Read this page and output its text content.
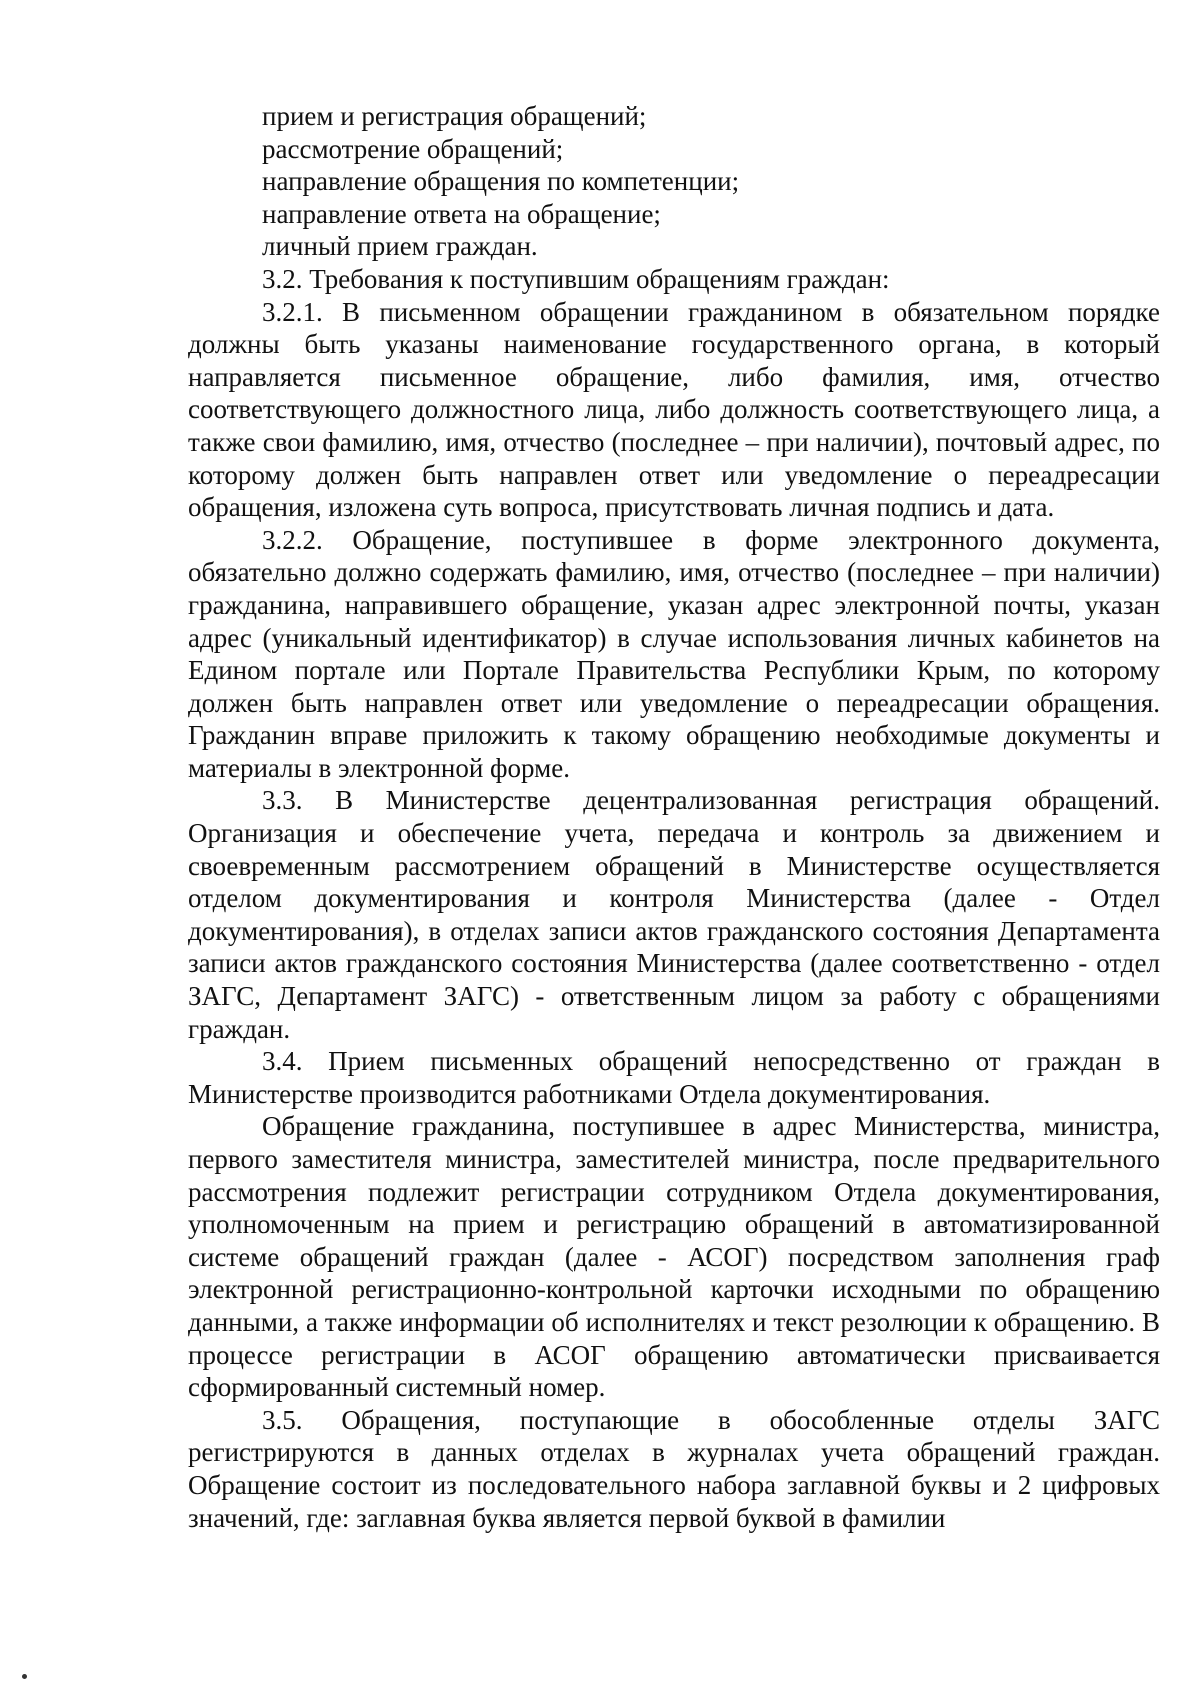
прием и регистрация обращений;

рассмотрение обращений;

направление обращения по компетенции;

направление ответа на обращение;

личный прием граждан.

3.2. Требования к поступившим обращениям граждан:

3.2.1. В письменном обращении гражданином в обязательном порядке должны быть указаны наименование государственного органа, в который направляется письменное обращение, либо фамилия, имя, отчество соответствующего должностного лица, либо должность соответствующего лица, а также свои фамилию, имя, отчество (последнее – при наличии), почтовый адрес, по которому должен быть направлен ответ или уведомление о переадресации обращения, изложена суть вопроса, присутствовать личная подпись и дата.

3.2.2. Обращение, поступившее в форме электронного документа, обязательно должно содержать фамилию, имя, отчество (последнее – при наличии) гражданина, направившего обращение, указан адрес электронной почты, указан адрес (уникальный идентификатор) в случае использования личных кабинетов на Едином портале или Портале Правительства Республики Крым, по которому должен быть направлен ответ или уведомление о переадресации обращения. Гражданин вправе приложить к такому обращению необходимые документы и материалы в электронной форме.

3.3. В Министерстве децентрализованная регистрация обращений. Организация и обеспечение учета, передача и контроль за движением и своевременным рассмотрением обращений в Министерстве осуществляется отделом документирования и контроля Министерства (далее - Отдел документирования), в отделах записи актов гражданского состояния Департамента записи актов гражданского состояния Министерства (далее соответственно - отдел ЗАГС, Департамент ЗАГС) - ответственным лицом за работу с обращениями граждан.

3.4. Прием письменных обращений непосредственно от граждан в Министерстве производится работниками Отдела документирования.

Обращение гражданина, поступившее в адрес Министерства, министра, первого заместителя министра, заместителей министра, после предварительного рассмотрения подлежит регистрации сотрудником Отдела документирования, уполномоченным на прием и регистрацию обращений в автоматизированной системе обращений граждан (далее - АСОГ) посредством заполнения граф электронной регистрационно-контрольной карточки исходными по обращению данными, а также информации об исполнителях и текст резолюции к обращению. В процессе регистрации в АСОГ обращению автоматически присваивается сформированный системный номер.

3.5. Обращения, поступающие в обособленные отделы ЗАГС регистрируются в данных отделах в журналах учета обращений граждан. Обращение состоит из последовательного набора заглавной буквы и 2 цифровых значений, где: заглавная буква является первой буквой в фамилии
